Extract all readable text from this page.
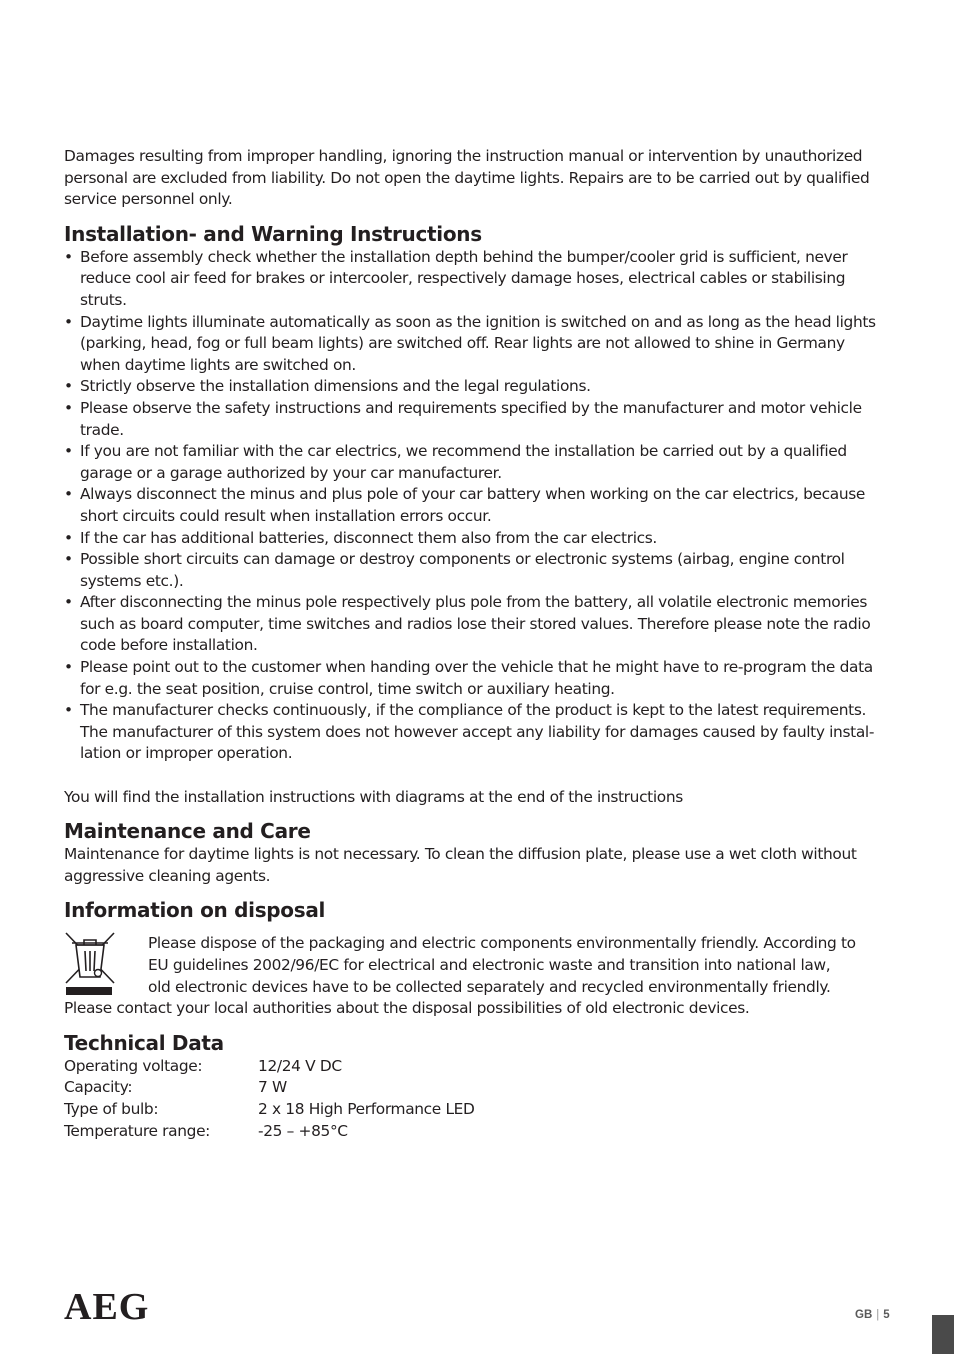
Damages resulting from improper handling, ignoring the instruction manual or intervention by unauthorized personal are excluded from liability. Do not open the daytime lights. Repairs are to be carried out by qualified service personnel only.

Installation- and Warning Instructions
• Before assembly check whether the installation depth behind the bumper/cooler grid is sufficient, never reduce cool air feed for brakes or intercooler, respectively damage hoses, electrical cables or stabilising struts.
• Daytime lights illuminate automatically as soon as the ignition is switched on and as long as the head lights (parking, head, fog or full beam lights) are switched off. Rear lights are not allowed to shine in Germany when daytime lights are switched on.
• Strictly observe the installation dimensions and the legal regulations.
• Please observe the safety instructions and requirements specified by the manufacturer and motor vehicle trade.
• If you are not familiar with the car electrics, we recommend the installation be carried out by a qualified garage or a garage authorized by your car manufacturer.
• Always disconnect the minus and plus pole of your car battery when working on the car electrics, because short circuits could result when installation errors occur.
• If the car has additional batteries, disconnect them also from the car electrics.
• Possible short circuits can damage or destroy components or electronic systems (airbag, engine control systems etc.).
• After disconnecting the minus pole respectively plus pole from the battery, all volatile electronic memories such as board computer, time switches and radios lose their stored values. Therefore please note the radio code before installation.
• Please point out to the customer when handing over the vehicle that he might have to re-program the data for e.g. the seat position, cruise control, time switch or auxiliary heating.
• The manufacturer checks continuously, if the compliance of the product is kept to the latest requirements. The manufacturer of this system does not however accept any liability for damages caused by faulty instal-lation or improper operation.

You will find the installation instructions with diagrams at the end of the instructions

Maintenance and Care

Maintenance for daytime lights is not necessary. To clean the diffusion plate, please use a wet cloth without aggressive cleaning agents.

Information on disposal

Please dispose of the packaging and electric components environmentally friendly. According to

EU guidelines 2002/96/EC for electrical and electronic waste and transition into national law,

old electronic devices have to be collected separately and recycled environmentally friendly.

Please contact your local authorities about the disposal possibilities of old electronic devices.

Technical Data
Operating voltage:	12/24 V DC
Capacity:	7 W
Type of bulb:	2 x 18 High Performance LED
Temperature range:	-25 – +85°C
AEG	GB | 5
